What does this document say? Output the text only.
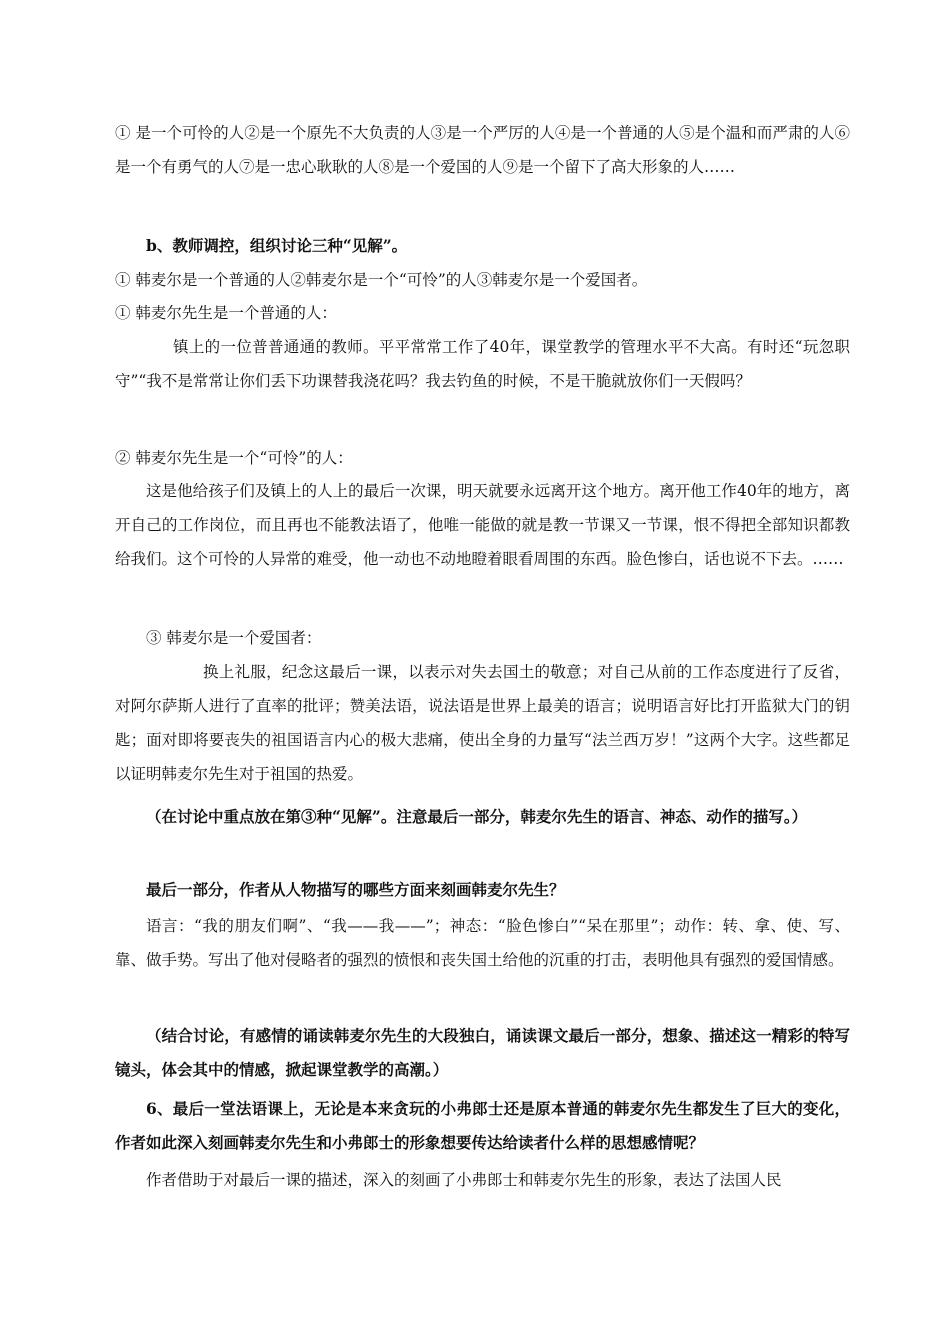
① 是一个可怜的人②是一个原先不大负责的人③是一个严厉的人④是一个普通的人⑤是个温和而严肃的人⑥是一个有勇气的人⑦是一忠心耿耿的人⑧是一个爱国的人⑨是一个留下了高大形象的人……

b、教师调控，组织讨论三种“见解”。

① 韩麦尔是一个普通的人②韩麦尔是一个“可怜”的人③韩麦尔是一个爱国者。

① 韩麦尔先生是一个普通的人：

镇上的一位普普通通的教师。平平常常工作了40年，课堂教学的管理水平不大高。有时还“玩忽职守”“我不是常常让你们丢下功课替我浇花吗？我去钓鱼的时候，不是干脆就放你们一天假吗？

② 韩麦尔先生是一个“可怜”的人：

这是他给孩子们及镇上的人上的最后一次课，明天就要永远离开这个地方。离开他工作40年的地方，离开自己的工作岗位，而且再也不能教法语了，他唯一能做的就是教一节课又一节课，恨不得把全部知识都教给我们。这个可怜的人异常的难受，他一动也不动地瞪着眼看周围的东西。脸色惨白，话也说不下去。……

③ 韩麦尔是一个爱国者：

换上礼服，纪念这最后一课，以表示对失去国土的敬意；对自己从前的工作态度进行了反省，对阿尔萨斯人进行了直率的批评；赞美法语，说法语是世界上最美的语言；说明语言好比打开监狱大门的钥匙；面对即将要丧失的祖国语言内心的极大悲痛，使出全身的力量写“法兰西万岁！”这两个大字。这些都足以证明韩麦尔先生对于祖国的热爱。

（在讨论中重点放在第③种“见解”。注意最后一部分，韩麦尔先生的语言、神态、动作的描写。）

最后一部分，作者从人物描写的哪些方面来刻画韩麦尔先生？

语言：“我的朋友们啊”、“我——我——”；神态：“脸色惨白”“呆在那里”；动作：转、拿、使、写、靠、做手势。写出了他对侵略者的强烈的愤恨和丧失国土给他的沉重的打击，表明他具有强烈的爱国情感。

（结合讨论，有感情的诵读韩麦尔先生的大段独白，诵读课文最后一部分，想象、描述这一精彩的特写镜头，体会其中的情感，掀起课堂教学的高潮。）

6、最后一堂法语课上，无论是本来贪玩的小弗郎士还是原本普通的韩麦尔先生都发生了巨大的变化，作者如此深入刻画韩麦尔先生和小弗郎士的形象想要传达给读者什么样的思想感情呢？

作者借助于对最后一课的描述，深入的刻画了小弗郎士和韩麦尔先生的形象，表达了法国人民
